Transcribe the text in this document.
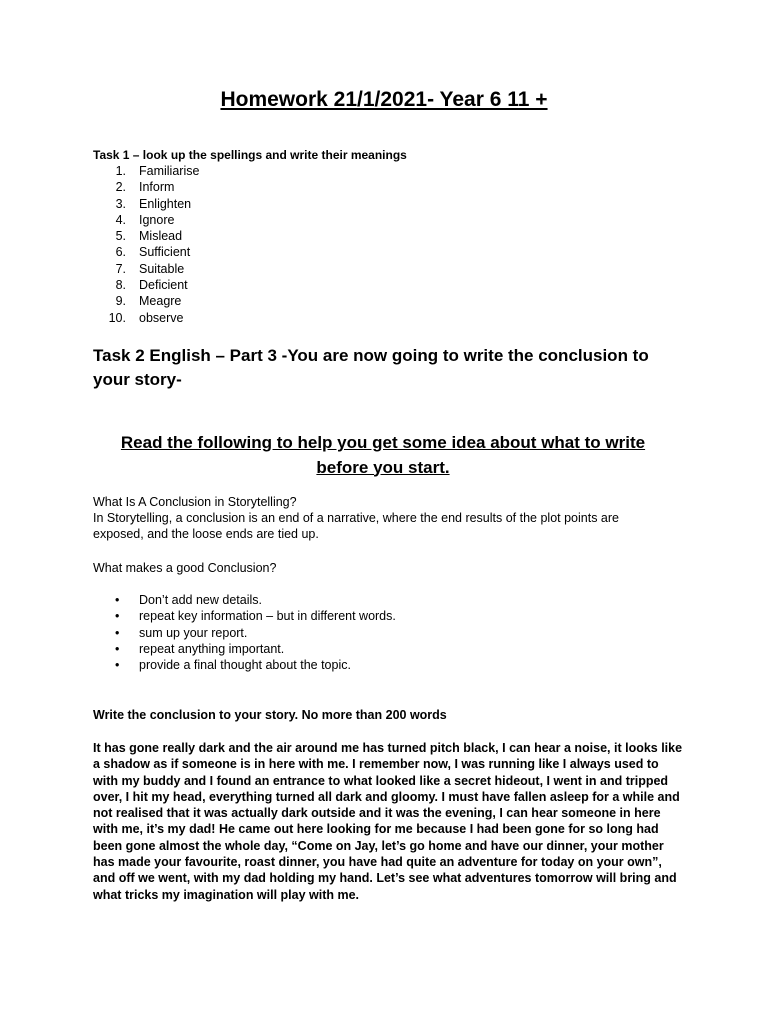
Homework 21/1/2021- Year 6 11 +
Task 1 – look up the spellings and write their meanings
1. Familiarise
2. Inform
3. Enlighten
4. Ignore
5. Mislead
6. Sufficient
7. Suitable
8. Deficient
9. Meagre
10. observe
Task 2 English – Part 3 -You are now going to write the conclusion to your story-
Read the following to help you get some idea about what to write before you start.

What Is A Conclusion in Storytelling?

In Storytelling, a conclusion is an end of a narrative, where the end results of the plot points are exposed, and the loose ends are tied up.

What makes a good Conclusion?

• Don’t add new details.
• repeat key information – but in different words.
• sum up your report.
• repeat anything important.
• provide a final thought about the topic.

Write the conclusion to your story. No more than 200 words

It has gone really dark and the air around me has turned pitch black, I can hear a noise, it looks like a shadow as if someone is in here with me. I remember now, I was running like I always used to with my buddy and I found an entrance to what looked like a secret hideout, I went in and tripped over, I hit my head, everything turned all dark and gloomy. I must have fallen asleep for a while and not realised that it was actually dark outside and it was the evening, I can hear someone in here with me, it’s my dad! He came out here looking for me because I had been gone for so long had been gone almost the whole day, “Come on Jay, let’s go home and have our dinner, your mother has made your favourite, roast dinner, you have had quite an adventure for today on your own”, and off we went, with my dad holding my hand. Let’s see what adventures tomorrow will bring and what tricks my imagination will play with me.
